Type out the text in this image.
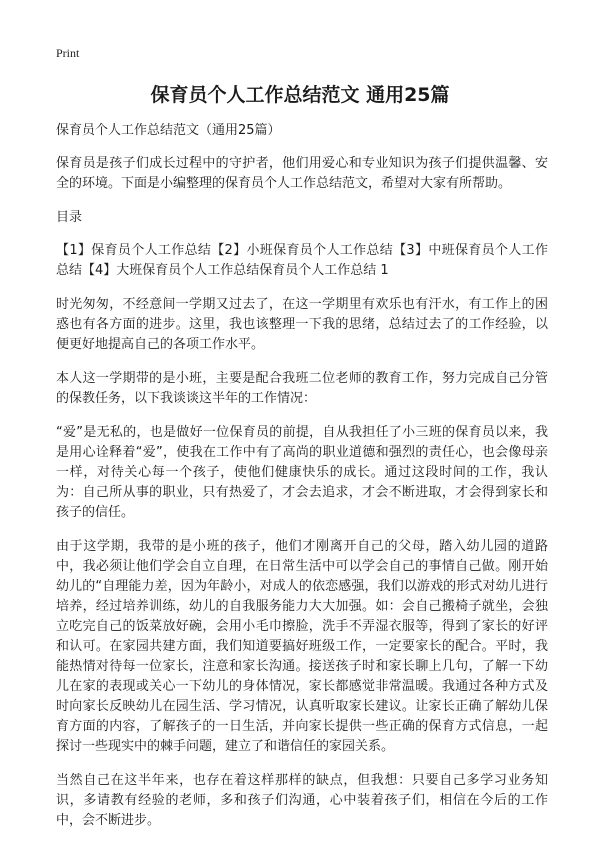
Print
保育员个人工作总结范文 通用25篇

保育员个人工作总结范文（通用25篇）

保育员是孩子们成长过程中的守护者，他们用爱心和专业知识为孩子们提供温馨、安全的环境。下面是小编整理的保育员个人工作总结范文，希望对大家有所帮助。

目录

【1】保育员个人工作总结【2】小班保育员个人工作总结【3】中班保育员个人工作总结【4】大班保育员个人工作总结保育员个人工作总结 1

时光匆匆，不经意间一学期又过去了，在这一学期里有欢乐也有汗水，有工作上的困惑也有各方面的进步。这里，我也该整理一下我的思绪，总结过去了的工作经验，以便更好地提高自己的各项工作水平。

本人这一学期带的是小班，主要是配合我班二位老师的教育工作，努力完成自己分管的保教任务，以下我谈谈这半年的工作情况：

“爱”是无私的，也是做好一位保育员的前提，自从我担任了小三班的保育员以来，我是用心诠释着“爱”，使我在工作中有了高尚的职业道德和强烈的责任心，也会像母亲一样，对待关心每一个孩子，使他们健康快乐的成长。通过这段时间的工作，我认为：自己所从事的职业，只有热爱了，才会去追求，才会不断进取，才会得到家长和孩子的信任。

由于这学期，我带的是小班的孩子，他们才刚离开自己的父母，踏入幼儿园的道路中，我必须让他们学会自立自理，在日常生活中可以学会自己的事情自己做。刚开始幼儿的“自理能力差，因为年龄小，对成人的依恋感强，我们以游戏的形式对幼儿进行培养，经过培养训练，幼儿的自我服务能力大大加强。如：会自己搬椅子就坐，会独立吃完自己的饭菜放好碗，会用小毛巾擦脸，洗手不弄湿衣服等，得到了家长的好评和认可。在家园共建方面，我们知道要搞好班级工作，一定要家长的配合。平时，我能热情对待每一位家长，注意和家长沟通。接送孩子时和家长聊上几句，了解一下幼儿在家的表现或关心一下幼儿的身体情况，家长都感觉非常温暖。我通过各种方式及时向家长反映幼儿在园生活、学习情况，认真听取家长建议。让家长正确了解幼儿保育方面的内容，了解孩子的一日生活，并向家长提供一些正确的保育方式信息，一起探讨一些现实中的棘手问题，建立了和谐信任的家园关系。

当然自己在这半年来，也存在着这样那样的缺点，但我想：只要自己多学习业务知识，多请教有经验的老师，多和孩子们沟通，心中装着孩子们，相信在今后的工作中，会不断进步。
